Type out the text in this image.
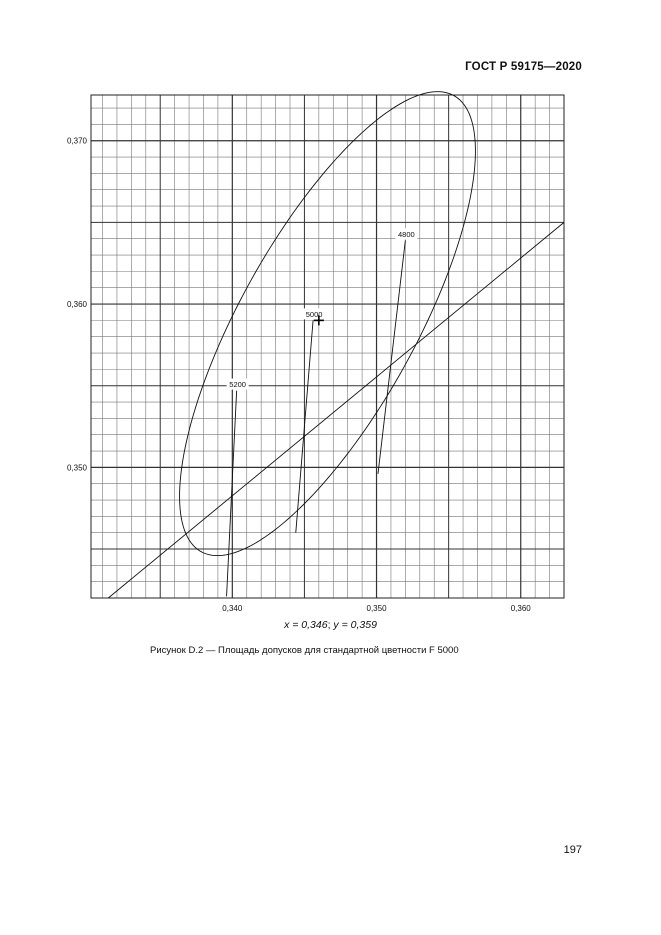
ГОСТ Р 59175—2020
0,340	0,350	0,360
0,350
0,360
0,370
5200
5000
4800
x = 0,346; y = 0,359
Рисунок D.2 — Площадь допусков для стандартной цветности F 5000
197
